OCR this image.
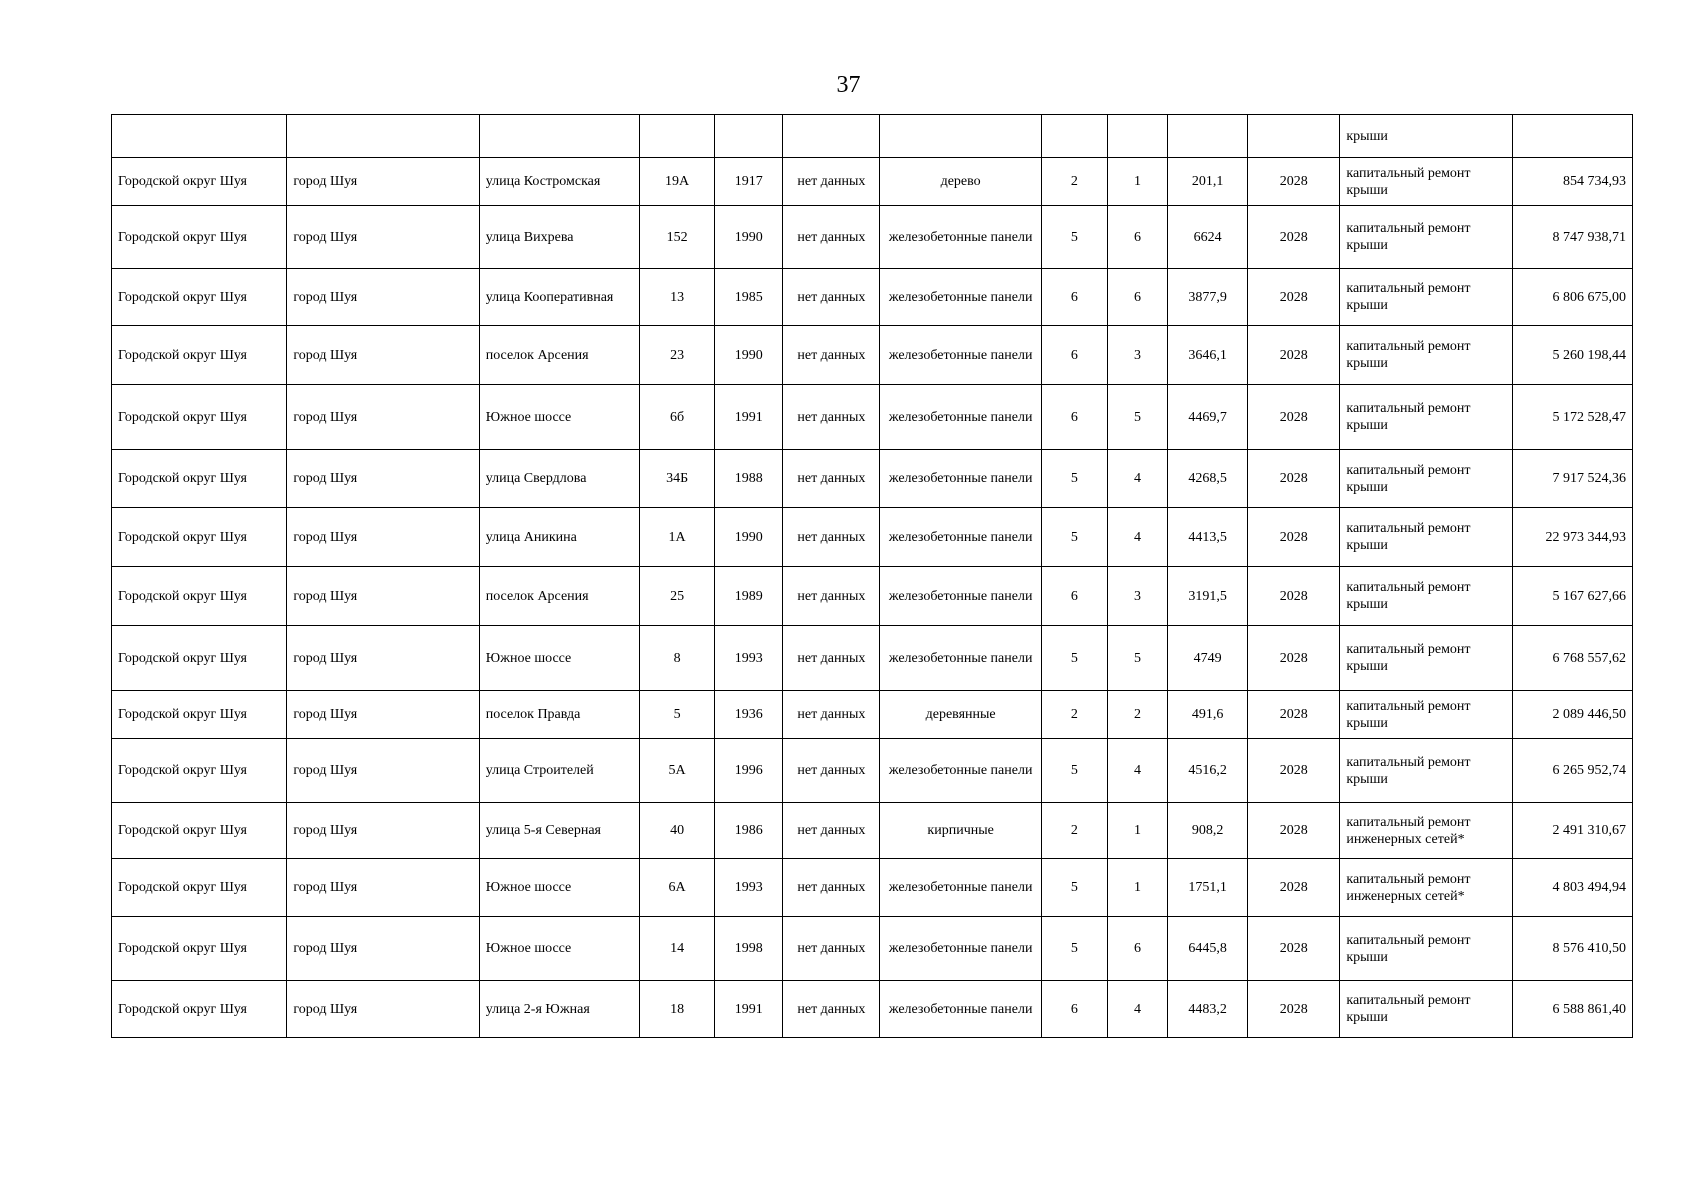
37
											крыши	
Городской округ Шуя	город Шуя	улица Костромская	19А	1917	нет данных	дерево	2	1	201,1	2028	капитальный ремонт крыши	854 734,93
Городской округ Шуя	город Шуя	улица Вихрева	152	1990	нет данных	железобетонные панели	5	6	6624	2028	капитальный ремонт крыши	8 747 938,71
Городской округ Шуя	город Шуя	улица Кооперативная	13	1985	нет данных	железобетонные панели	6	6	3877,9	2028	капитальный ремонт крыши	6 806 675,00
Городской округ Шуя	город Шуя	поселок Арсения	23	1990	нет данных	железобетонные панели	6	3	3646,1	2028	капитальный ремонт крыши	5 260 198,44
Городской округ Шуя	город Шуя	Южное шоссе	6б	1991	нет данных	железобетонные панели	6	5	4469,7	2028	капитальный ремонт крыши	5 172 528,47
Городской округ Шуя	город Шуя	улица Свердлова	34Б	1988	нет данных	железобетонные панели	5	4	4268,5	2028	капитальный ремонт крыши	7 917 524,36
Городской округ Шуя	город Шуя	улица Аникина	1А	1990	нет данных	железобетонные панели	5	4	4413,5	2028	капитальный ремонт крыши	22 973 344,93
Городской округ Шуя	город Шуя	поселок Арсения	25	1989	нет данных	железобетонные панели	6	3	3191,5	2028	капитальный ремонт крыши	5 167 627,66
Городской округ Шуя	город Шуя	Южное шоссе	8	1993	нет данных	железобетонные панели	5	5	4749	2028	капитальный ремонт крыши	6 768 557,62
Городской округ Шуя	город Шуя	поселок Правда	5	1936	нет данных	деревянные	2	2	491,6	2028	капитальный ремонт крыши	2 089 446,50
Городской округ Шуя	город Шуя	улица Строителей	5А	1996	нет данных	железобетонные панели	5	4	4516,2	2028	капитальный ремонт крыши	6 265 952,74
Городской округ Шуя	город Шуя	улица 5-я Северная	40	1986	нет данных	кирпичные	2	1	908,2	2028	капитальный ремонт инженерных сетей*	2 491 310,67
Городской округ Шуя	город Шуя	Южное шоссе	6А	1993	нет данных	железобетонные панели	5	1	1751,1	2028	капитальный ремонт инженерных сетей*	4 803 494,94
Городской округ Шуя	город Шуя	Южное шоссе	14	1998	нет данных	железобетонные панели	5	6	6445,8	2028	капитальный ремонт крыши	8 576 410,50
Городской округ Шуя	город Шуя	улица 2-я Южная	18	1991	нет данных	железобетонные панели	6	4	4483,2	2028	капитальный ремонт крыши	6 588 861,40
